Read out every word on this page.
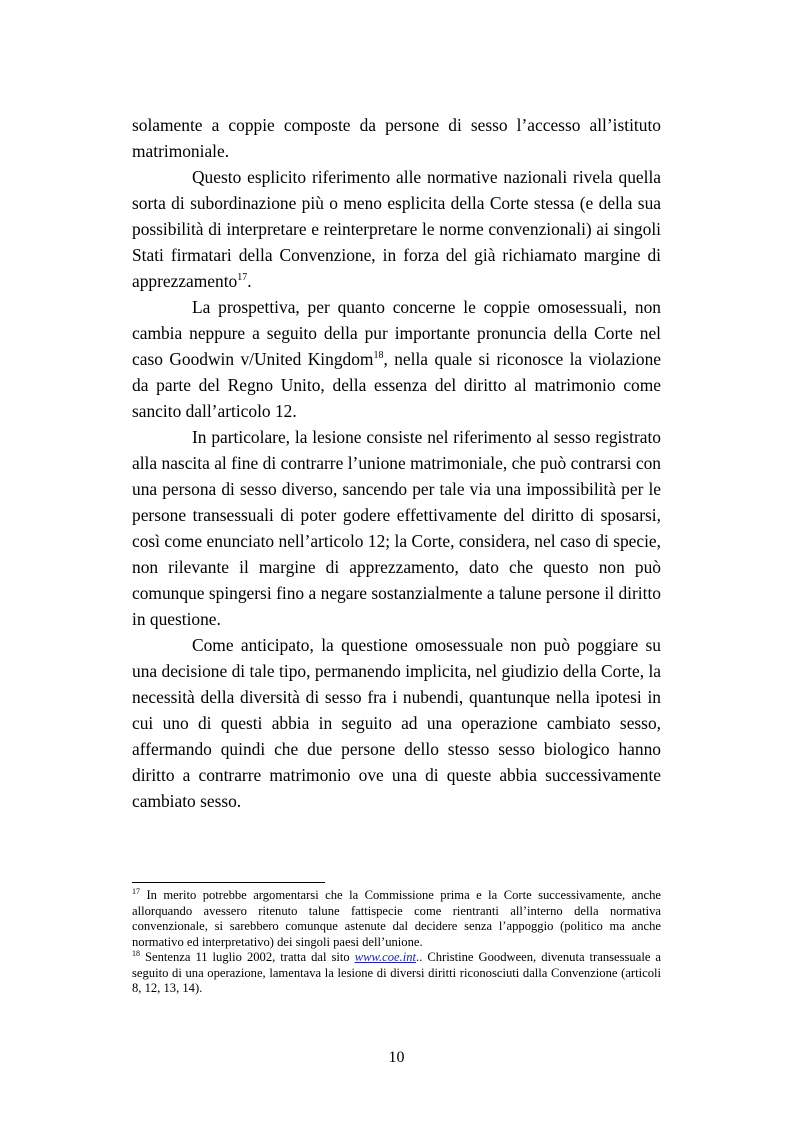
solamente a coppie composte da persone di sesso l’accesso all’istituto matrimoniale.

Questo esplicito riferimento alle normative nazionali rivela quella sorta di subordinazione più o meno esplicita della Corte stessa (e della sua possibilità di interpretare e reinterpretare le norme convenzionali) ai singoli Stati firmatari della Convenzione, in forza del già richiamato margine di apprezzamento$^{17}$.

La prospettiva, per quanto concerne le coppie omosessuali, non cambia neppure a seguito della pur importante pronuncia della Corte nel caso Goodwin v/United Kingdom$^{18}$, nella quale si riconosce la violazione da parte del Regno Unito, della essenza del diritto al matrimonio come sancito dall’articolo 12.

In particolare, la lesione consiste nel riferimento al sesso registrato alla nascita al fine di contrarre l’unione matrimoniale, che può contrarsi con una persona di sesso diverso, sancendo per tale via una impossibilità per le persone transessuali di poter godere effettivamente del diritto di sposarsi, così come enunciato nell’articolo 12; la Corte, considera, nel caso di specie, non rilevante il margine di apprezzamento, dato che questo non può comunque spingersi fino a negare sostanzialmente a talune persone il diritto in questione.

Come anticipato, la questione omosessuale non può poggiare su una decisione di tale tipo, permanendo implicita, nel giudizio della Corte, la necessità della diversità di sesso fra i nubendi, quantunque nella ipotesi in cui uno di questi abbia in seguito ad una operazione cambiato sesso, affermando quindi che due persone dello stesso sesso biologico hanno diritto a contrarre matrimonio ove una di queste abbia successivamente cambiato sesso.

$^{17}$ In merito potrebbe argomentarsi che la Commissione prima e la Corte successivamente, anche allorquando avessero ritenuto talune fattispecie come rientranti all’interno della normativa convenzionale, si sarebbero comunque astenute dal decidere senza l’appoggio (politico ma anche normativo ed interpretativo) dei singoli paesi dell’unione.

$^{18}$ Sentenza 11 luglio 2002, tratta dal sito www.coe.int.. Christine Goodween, divenuta transessuale a seguito di una operazione, lamentava la lesione di diversi diritti riconosciuti dalla Convenzione (articoli 8, 12, 13, 14).

10
